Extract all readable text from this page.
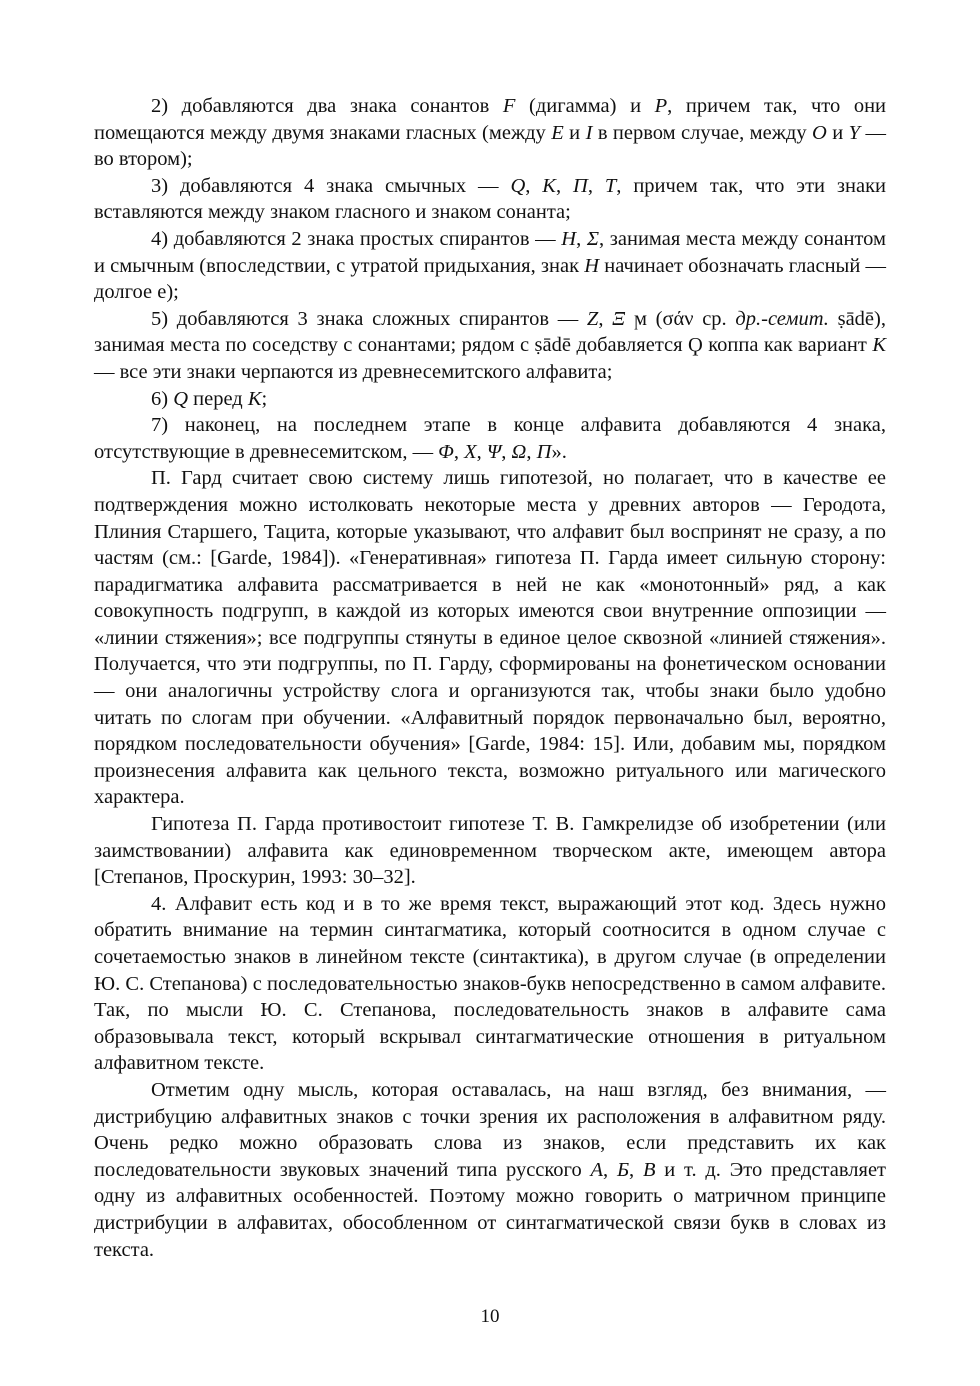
2) добавляются два знака сонантов F (дигамма) и P, причем так, что они помещаются между двумя знаками гласных (между E и I в первом случае, между O и Y — во втором);

3) добавляются 4 знака смычных — Q, K, Π, T, причем так, что эти знаки вставляются между знаком гласного и знаком сонанта;

4) добавляются 2 знака простых спирантов — H, Σ, занимая места между сонантом и смычным (впоследствии, с утратой придыхания, знак H начинает обозначать гласный — долгое е);

5) добавляются 3 знака сложных спирантов — Z, Ξ ϻ (σάν ср. др.-семит. ṣādē), занимая места по соседству с сонантами; рядом с ṣādē добавляется Ϙ коппа как вариант K — все эти знаки черпаются из древнесемитского алфавита;

6) Q перед K;

7) наконец, на последнем этапе в конце алфавита добавляются 4 знака, отсутствующие в древнесемитском, — Φ, X, Ψ, Ω, Π».

П. Гард считает свою систему лишь гипотезой, но полагает, что в качестве ее подтверждения можно истолковать некоторые места у древних авторов — Геродота, Плиния Старшего, Тацита, которые указывают, что алфавит был воспринят не сразу, а по частям (см.: [Garde, 1984]). «Генеративная» гипотеза П. Гарда имеет сильную сторону: парадигматика алфавита рассматривается в ней не как «монотонный» ряд, а как совокупность подгрупп, в каждой из которых имеются свои внутренние оппозиции — «линии стяжения»; все подгруппы стянуты в единое целое сквозной «линией стяжения». Получается, что эти подгруппы, по П. Гарду, сформированы на фонетическом основании — они аналогичны устройству слога и организуются так, чтобы знаки было удобно читать по слогам при обучении. «Алфавитный порядок первоначально был, вероятно, порядком последовательности обучения» [Garde, 1984: 15]. Или, добавим мы, порядком произнесения алфавита как цельного текста, возможно ритуального или магического характера.

Гипотеза П. Гарда противостоит гипотезе Т. В. Гамкрелидзе об изобретении (или заимствовании) алфавита как единовременном творческом акте, имеющем автора [Степанов, Проскурин, 1993: 30–32].

4. Алфавит есть код и в то же время текст, выражающий этот код. Здесь нужно обратить внимание на термин синтагматика, который соотносится в одном случае с сочетаемостью знаков в линейном тексте (синтактика), в другом случае (в определении Ю. С. Степанова) с последовательностью знаков-букв непосредственно в самом алфавите. Так, по мысли Ю. С. Степанова, последовательность знаков в алфавите сама образовывала текст, который вскрывал синтагматические отношения в ритуальном алфавитном тексте.

Отметим одну мысль, которая оставалась, на наш взгляд, без внимания, — дистрибуцию алфавитных знаков с точки зрения их расположения в алфавитном ряду. Очень редко можно образовать слова из знаков, если представить их как последовательности звуковых значений типа русского А, Б, В и т. д. Это представляет одну из алфавитных особенностей. Поэтому можно говорить о матричном принципе дистрибуции в алфавитах, обособленном от синтагматической связи букв в словах из текста.

10
